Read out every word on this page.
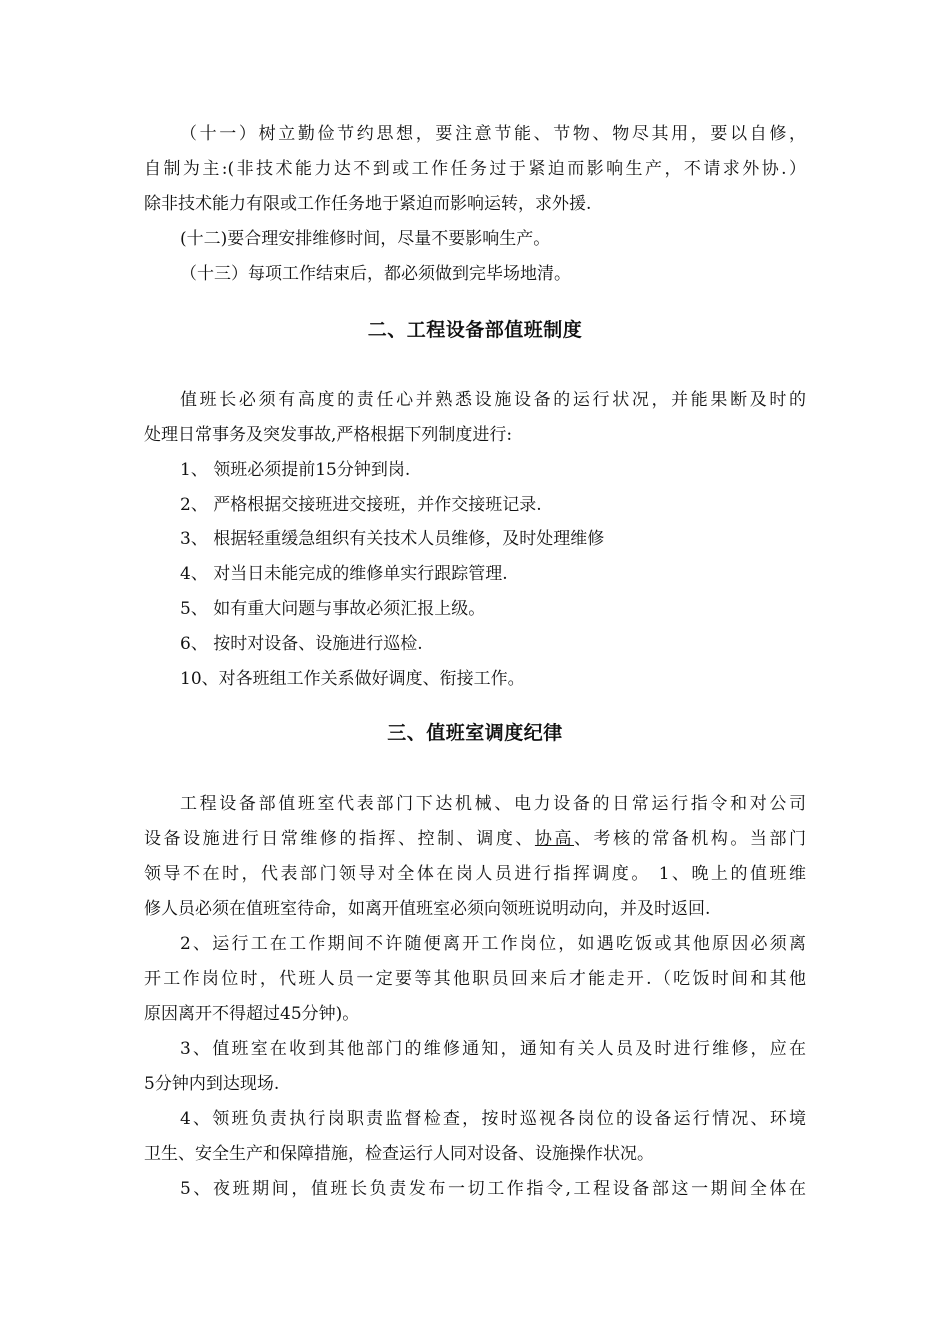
（十一）树立勤俭节约思想，要注意节能、节物、物尽其用，要以自修，
自制为主:(非技术能力达不到或工作任务过于紧迫而影响生产，不请求外协.）
除非技术能力有限或工作任务地于紧迫而影响运转，求外援.
(十二)要合理安排维修时间，尽量不要影响生产。
（十三）每项工作结束后，都必须做到完毕场地清。
二、工程设备部值班制度
值班长必须有高度的责任心并熟悉设施设备的运行状况，并能果断及时的
处理日常事务及突发事故,严格根据下列制度进行:
1、 领班必须提前15分钟到岗.
2、 严格根据交接班进交接班，并作交接班记录.
3、 根据轻重缓急组织有关技术人员维修，及时处理维修
4、 对当日未能完成的维修单实行跟踪管理.
5、 如有重大问题与事故必须汇报上级。
6、 按时对设备、设施进行巡检.
10、对各班组工作关系做好调度、衔接工作。
三、值班室调度纪律
工程设备部值班室代表部门下达机械、电力设备的日常运行指令和对公司
设备设施进行日常维修的指挥、控制、调度、协高、考核的常备机构。当部门
领导不在时，代表部门领导对全体在岗人员进行指挥调度。 1、晚上的值班维
修人员必须在值班室待命，如离开值班室必须向领班说明动向，并及时返回.
2、运行工在工作期间不许随便离开工作岗位，如遇吃饭或其他原因必须离
开工作岗位时，代班人员一定要等其他职员回来后才能走开.（吃饭时间和其他
原因离开不得超过45分钟)。
3、值班室在收到其他部门的维修通知，通知有关人员及时进行维修，应在
5分钟内到达现场.
4、领班负责执行岗职责监督检查，按时巡视各岗位的设备运行情况、环境
卫生、安全生产和保障措施，检查运行人同对设备、设施操作状况。
5、夜班期间，值班长负责发布一切工作指令,工程设备部这一期间全体在
